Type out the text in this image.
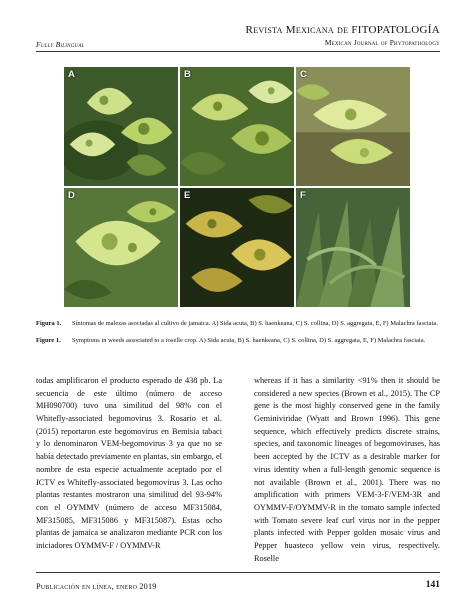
Fully Bilingual
Revista Mexicana de FITOPATOLOGÍA
Mexican Journal of Phytopathology
A	B	C
D	E	F
Figura 1. Síntomas de malezas asociadas al cultivo de jamaica. A) Sida acuta, B) S. haenkeana, C) S. collina, D) S. aggregata, E, F) Malachra fasciata.
Figure 1. Symptoms in weeds associated to a roselle crop. A) Sida acuta, B) S. haenkeana, C) S. collina, D) S. aggregata, E, F) Malachra fasciata.

todas amplificaron el producto esperado de 438 pb. La secuencia de este último (número de acceso MH090700) tuvo una similitud del 98% con el Whitefly-associated begomovirus 3. Rosario et al. (2015) reportaron este begomovirus en Bemisia tabaci y lo denominaron VEM-begomovirus 3 ya que no se había detectado previamente en plantas, sin embargo, el nombre de esta especie actualmente aceptado por el ICTV es Whitefly-associated begomovirus 3. Las ocho plantas restantes mostraron una similitud del 93-94% con el OYMMV (número de acceso MF315084, MF315085, MF315086 y MF315087). Estas ocho plantas de jamaica se analizaron mediante PCR con los iniciadores OYMMV-F / OYMMV-R

whereas if it has a similarity <91% then it should be considered a new species (Brown et al., 2015). The CP gene is the most highly conserved gene in the family Geminiviridae (Wyatt and Brown 1996). This gene sequence, which effectively predicts discrete strains, species, and taxonomic lineages of begomoviruses, has been accepted by the ICTV as a desirable marker for virus identity when a full-length genomic sequence is not available (Brown et al., 2001). There was no amplification with primers VEM-3-F/VEM-3R and OYMMV-F/OYMMV-R in the tomato sample infected with Tomato severe leaf curl virus nor in the pepper plants infected with Pepper golden mosaic virus and Pepper huasteco yellow vein virus, respectively. Roselle

Publicación en línea, enero 2019	141
